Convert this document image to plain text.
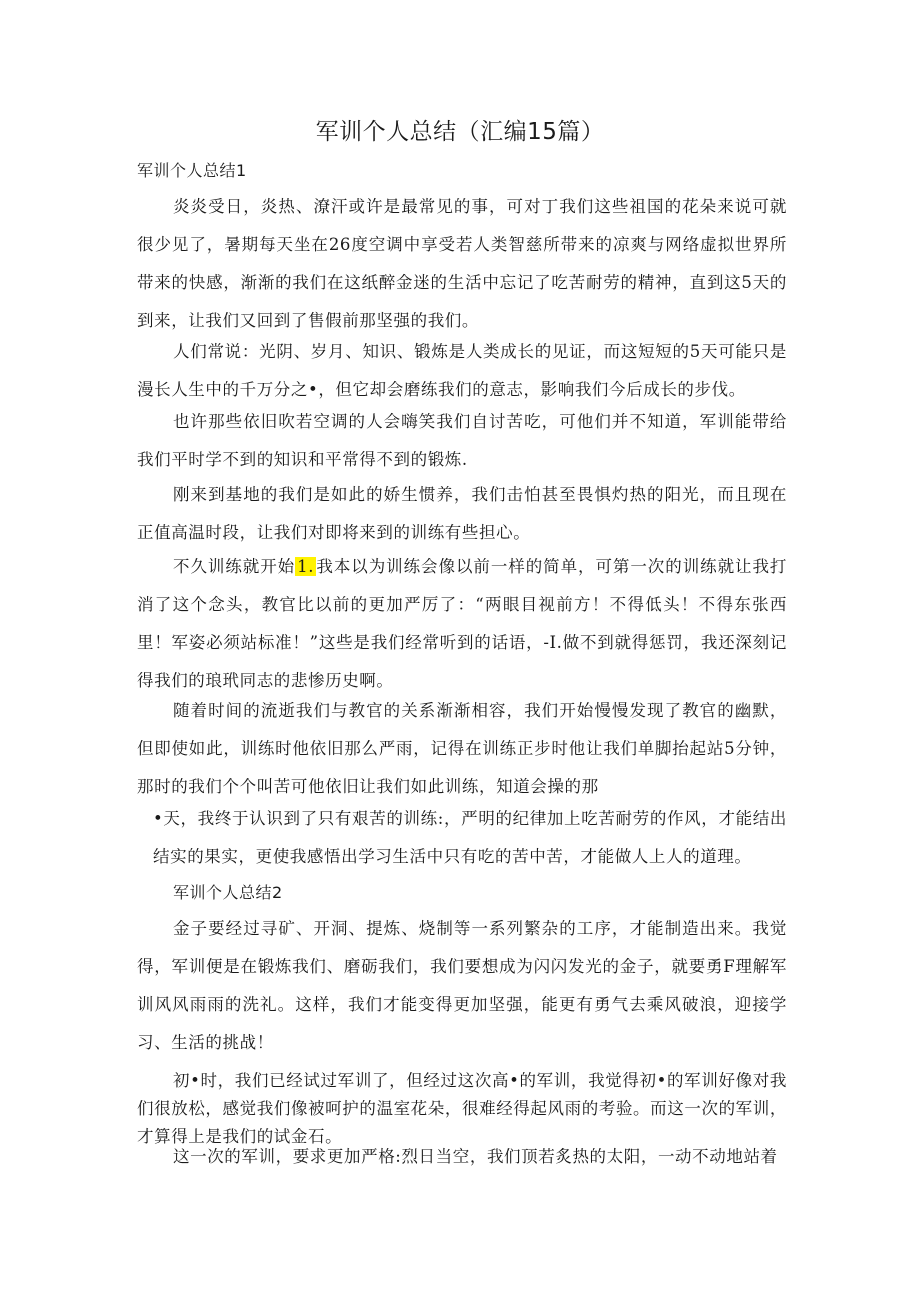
军训个人总结（汇编15篇）
军训个人总结1

炎炎受日，炎热、潦汗或许是最常见的事，可对丁我们这些祖国的花朵来说可就很少见了，暑期每天坐在26度空调中享受若人类智慈所带来的凉爽与网络虚拟世界所带来的快感，渐渐的我们在这纸醉金迷的生活中忘记了吃苦耐劳的精神，直到这5天的到来，让我们又回到了售假前那坚强的我们。

人们常说：光阴、岁月、知识、锻炼是人类成长的见证，而这短短的5天可能只是漫长人生中的千万分之•，但它却会磨练我们的意志，影响我们今后成长的步伐。

也许那些依旧吹若空调的人会嗨笑我们自讨苦吃，可他们并不知道，军训能带给我们平时学不到的知识和平常得不到的锻炼.

刚来到基地的我们是如此的娇生惯养，我们击怕甚至畏惧灼热的阳光，而且现在正值高温时段，让我们对即将来到的训练有些担心。

不久训练就开始 1. 我本以为训练会像以前一样的简单，可第一次的训练就让我打消了这个念头，教官比以前的更加严厉了：“两眼目视前方！不得低头！不得东张西里！军姿必须站标准！”这些是我们经常听到的话语，-I.做不到就得惩罚，我还深刻记得我们的琅玳同志的悲惨历史啊。

随着时间的流逝我们与教官的关系渐渐相容，我们开始慢慢发现了教官的幽默，但即使如此，训练时他依旧那么严雨，记得在训练正步时他让我们单脚抬起站5分钟，那时的我们个个叫苦可他依旧让我们如此训练，知道会操的那

•天，我终于认识到了只有艰苦的训练:，严明的纪律加上吃苦耐劳的作风，才能结出结实的果实，更使我感悟出学习生活中只有吃的苦中苦，才能做人上人的道理。

军训个人总结2

金子要经过寻矿、开洞、提炼、烧制等一系列繁杂的工序，才能制造出来。我觉得，军训便是在锻炼我们、磨砺我们，我们要想成为闪闪发光的金子，就要勇F理解军训风风雨雨的洗礼。这样，我们才能变得更加坚强，能更有勇气去乘风破浪，迎接学习、生活的挑战！

初•时，我们已经试过军训了，但经过这次高•的军训，我觉得初•的军训好像对我们很放松，感觉我们像被呵护的温室花朵，很难经得起风雨的考验。而这一次的军训，才算得上是我们的试金石。

这一次的军训，要求更加严格:烈日当空，我们顶若炙热的太阳，一动不动地站着
